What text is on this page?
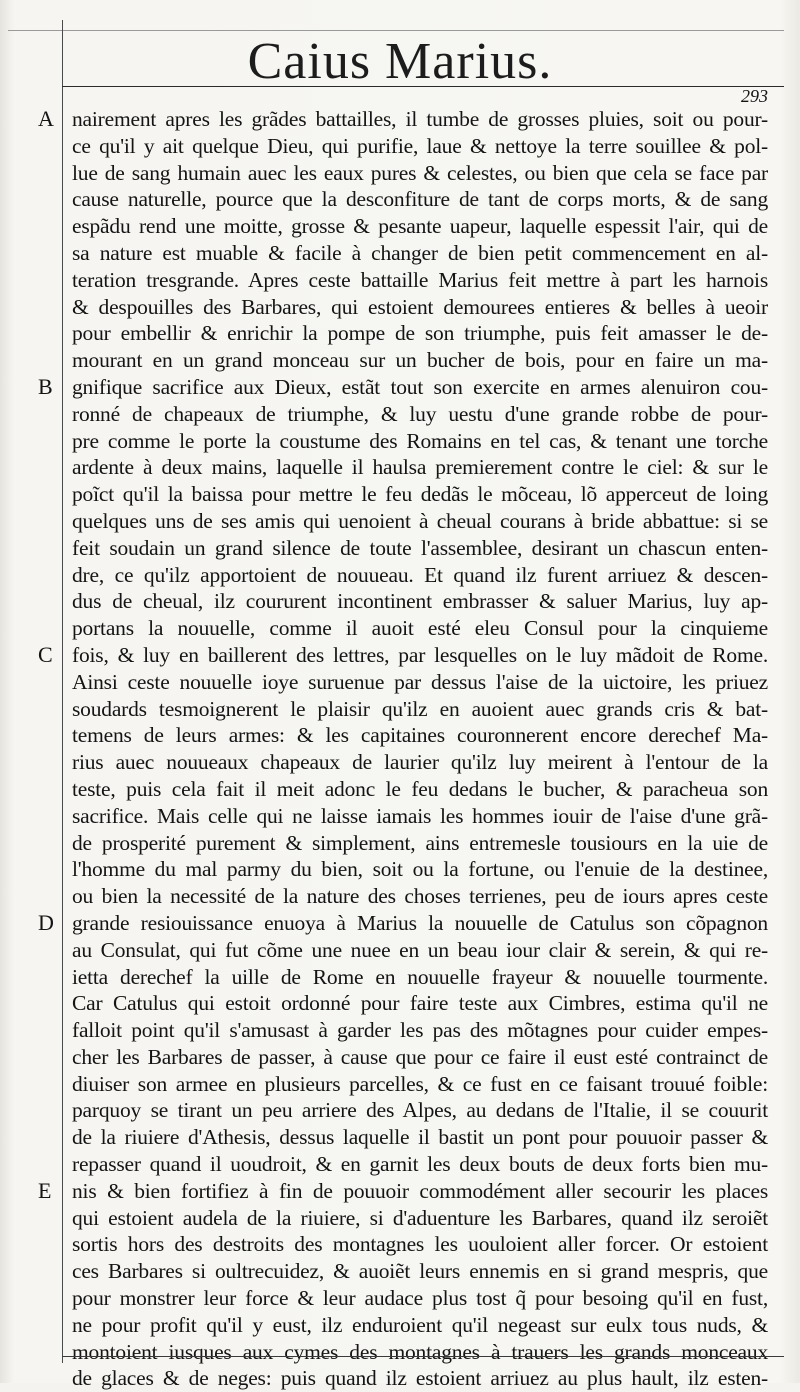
Caius Marius.
293
A
B
C
D
E
nairement apres les grãdes battailles, il tumbe de grosses pluies, soit ou pour-
ce qu'il y ait quelque Dieu, qui purifie, laue & nettoye la terre souillee & pol-
lue de sang humain auec les eaux pures & celestes, ou bien que cela se face par
cause naturelle, pource que la desconfiture de tant de corps morts, & de sang
espãdu rend une moitte, grosse & pesante uapeur, laquelle espessit l'air, qui de
sa nature est muable & facile à changer de bien petit commencement en al-
teration tresgrande. Apres ceste battaille Marius feit mettre à part les harnois
& despouilles des Barbares, qui estoient demourees entieres & belles à ueoir
pour embellir & enrichir la pompe de son triumphe, puis feit amasser le de-
mourant en un grand monceau sur un bucher de bois, pour en faire un ma-
gnifique sacrifice aux Dieux, estãt tout son exercite en armes alenuiron cou-
ronné de chapeaux de triumphe, & luy uestu d'une grande robbe de pour-
pre comme le porte la coustume des Romains en tel cas, & tenant une torche
ardente à deux mains, laquelle il haulsa premierement contre le ciel: & sur le
poĩct qu'il la baissa pour mettre le feu dedãs le mõceau, lõ apperceut de loing
quelques uns de ses amis qui uenoient à cheual courans à bride abbattue: si se
feit soudain un grand silence de toute l'assemblee, desirant un chascun enten-
dre, ce qu'ilz apportoient de nouueau. Et quand ilz furent arriuez & descen-
dus de cheual, ilz coururent incontinent embrasser & saluer Marius, luy ap-
portans la nouuelle, comme il auoit esté eleu Consul pour la cinquieme
fois, & luy en baillerent des lettres, par lesquelles on le luy mãdoit de Rome.
Ainsi ceste nouuelle ioye suruenue par dessus l'aise de la uictoire, les priuez
soudards tesmoignerent le plaisir qu'ilz en auoient auec grands cris & bat-
temens de leurs armes: & les capitaines couronnerent encore derechef Ma-
rius auec nouueaux chapeaux de laurier qu'ilz luy meirent à l'entour de la
teste, puis cela fait il meit adonc le feu dedans le bucher, & paracheua son
sacrifice. Mais celle qui ne laisse iamais les hommes iouir de l'aise d'une grã-
de prosperité purement & simplement, ains entremesle tousiours en la uie de
l'homme du mal parmy du bien, soit ou la fortune, ou l'enuie de la destinee,
ou bien la necessité de la nature des choses terrienes, peu de iours apres ceste
grande resiouissance enuoya à Marius la nouuelle de Catulus son cõpagnon
au Consulat, qui fut cõme une nuee en un beau iour clair & serein, & qui re-
ietta derechef la uille de Rome en nouuelle frayeur & nouuelle tourmente.
Car Catulus qui estoit ordonné pour faire teste aux Cimbres, estima qu'il ne
falloit point qu'il s'amusast à garder les pas des mõtagnes pour cuider empes-
cher les Barbares de passer, à cause que pour ce faire il eust esté contrainct de
diuiser son armee en plusieurs parcelles, & ce fust en ce faisant trouué foible:
parquoy se tirant un peu arriere des Alpes, au dedans de l'Italie, il se couurit
de la riuiere d'Athesis, dessus laquelle il bastit un pont pour pouuoir passer &
repasser quand il uoudroit, & en garnit les deux bouts de deux forts bien mu-
nis & bien fortifiez à fin de pouuoir commodément aller secourir les places
qui estoient audela de la riuiere, si d'aduenture les Barbares, quand ilz seroiẽt
sortis hors des destroits des montagnes les uouloient aller forcer. Or estoient
ces Barbares si oultrecuidez, & auoiẽt leurs ennemis en si grand mespris, que
pour monstrer leur force & leur audace plus tost q̃ pour besoing qu'il en fust,
ne pour profit qu'il y eust, ilz enduroient qu'il negeast sur eulx tous nuds, &
montoient iusques aux cymes des montagnes à trauers les grands monceaux
de glaces & de neges: puis quand ilz estoient arriuez au plus hault, ilz esten-
